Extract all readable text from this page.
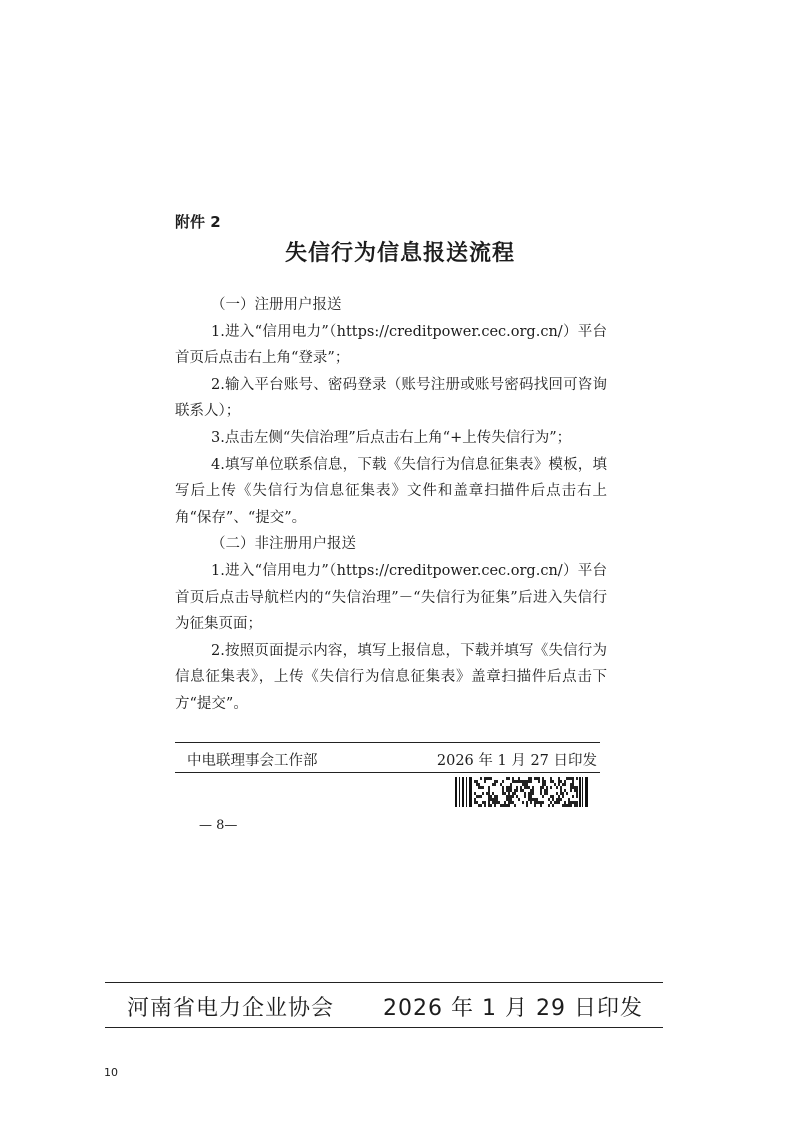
附件 2
失信行为信息报送流程

（一）注册用户报送

1.进入“信用电力”（https://creditpower.cec.org.cn/）平台首页后点击右上角“登录”；

2.输入平台账号、密码登录（账号注册或账号密码找回可咨询联系人）；

3.点击左侧“失信治理”后点击右上角“+上传失信行为”；

4.填写单位联系信息，下载《失信行为信息征集表》模板，填写后上传《失信行为信息征集表》文件和盖章扫描件后点击右上角“保存”、“提交”。

（二）非注册用户报送

1.进入“信用电力”（https://creditpower.cec.org.cn/）平台首页后点击导航栏内的“失信治理”－“失信行为征集”后进入失信行为征集页面；

2.按照页面提示内容，填写上报信息，下载并填写《失信行为信息征集表》，上传《失信行为信息征集表》盖章扫描件后点击下方“提交”。

中电联理事会工作部	2026 年 1 月 27 日印发
— 8—
河南省电力企业协会 2026 年 1 月 29 日印发
10
